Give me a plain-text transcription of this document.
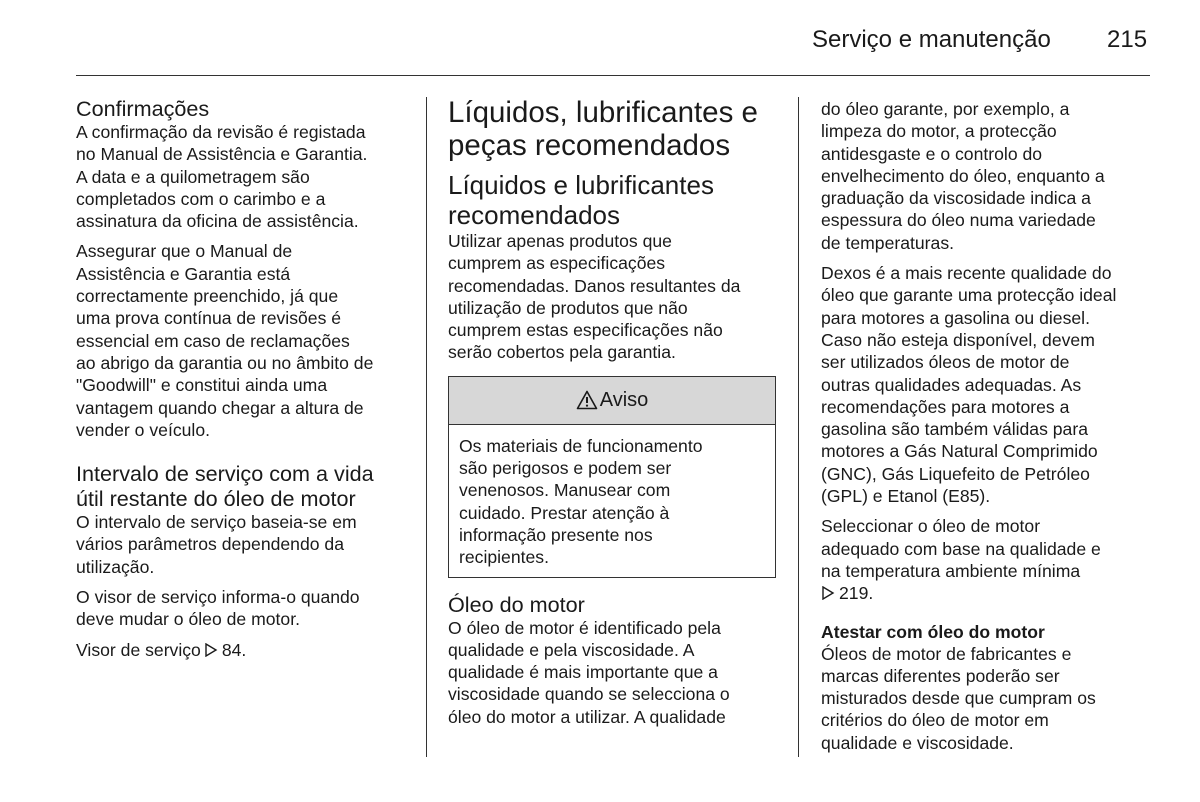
Serviço e manutenção 215
Confirmações

A confirmação da revisão é registada
no Manual de Assistência e Garantia.
A data e a quilometragem são
completados com o carimbo e a
assinatura da oficina de assistência.

Assegurar que o Manual de
Assistência e Garantia está
correctamente preenchido, já que
uma prova contínua de revisões é
essencial em caso de reclamações
ao abrigo da garantia ou no âmbito de
"Goodwill" e constitui ainda uma
vantagem quando chegar a altura de
vender o veículo.

Intervalo de serviço com a vida
útil restante do óleo de motor

O intervalo de serviço baseia-se em
vários parâmetros dependendo da
utilização.

O visor de serviço informa-o quando
deve mudar o óleo de motor.

Visor de serviço 84.

Líquidos, lubrificantes e
peças recomendados
Líquidos e lubrificantes
recomendados

Utilizar apenas produtos que
cumprem as especificações
recomendadas. Danos resultantes da
utilização de produtos que não
cumprem estas especificações não
serão cobertos pela garantia.

Aviso
Os materiais de funcionamento
são perigosos e podem ser
venenosos. Manusear com
cuidado. Prestar atenção à
informação presente nos
recipientes.
Óleo do motor

O óleo de motor é identificado pela
qualidade e pela viscosidade. A
qualidade é mais importante que a
viscosidade quando se selecciona o
óleo do motor a utilizar. A qualidade

do óleo garante, por exemplo, a
limpeza do motor, a protecção
antidesgaste e o controlo do
envelhecimento do óleo, enquanto a
graduação da viscosidade indica a
espessura do óleo numa variedade
de temperaturas.

Dexos é a mais recente qualidade do
óleo que garante uma protecção ideal
para motores a gasolina ou diesel.
Caso não esteja disponível, devem
ser utilizados óleos de motor de
outras qualidades adequadas. As
recomendações para motores a
gasolina são também válidas para
motores a Gás Natural Comprimido
(GNC), Gás Liquefeito de Petróleo
(GPL) e Etanol (E85).

Seleccionar o óleo de motor
adequado com base na qualidade e
na temperatura ambiente mínima
219.

Atestar com óleo do motor

Óleos de motor de fabricantes e
marcas diferentes poderão ser
misturados desde que cumpram os
critérios do óleo de motor em
qualidade e viscosidade.
